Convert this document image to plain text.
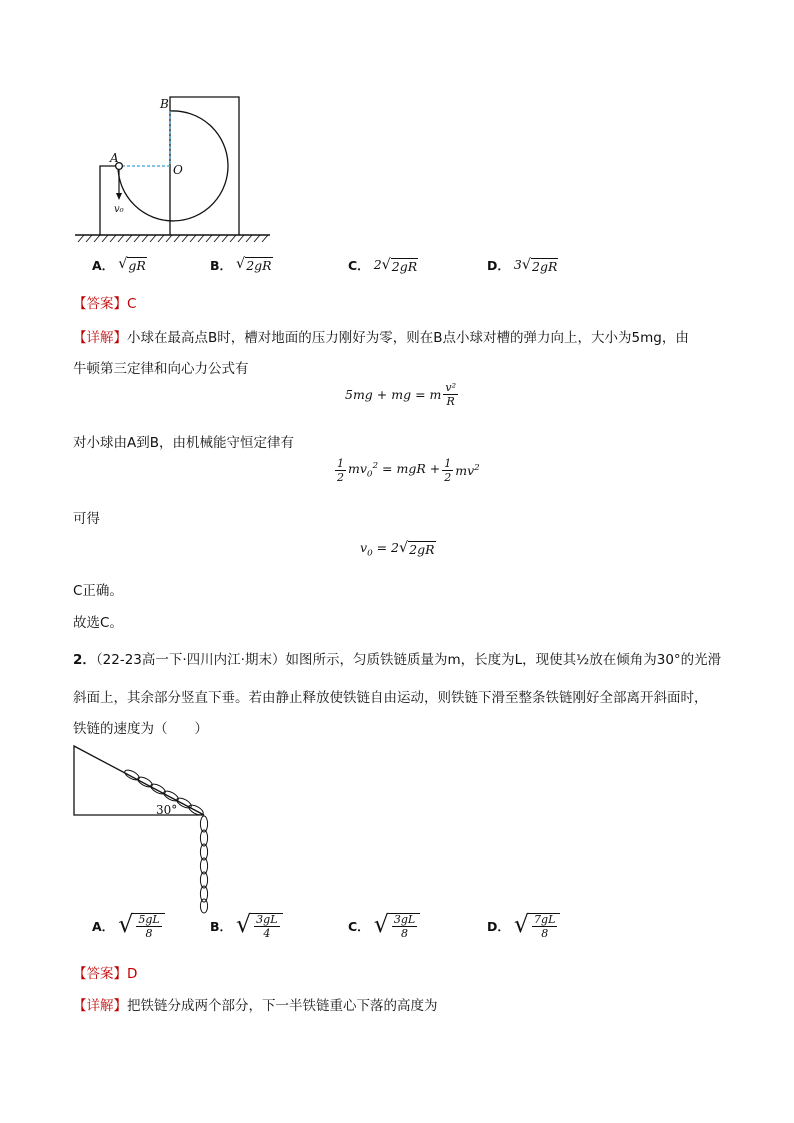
B
A
O
v₀
A． √ gR	B． √ 2gR	C． 2 √ 2gR	D． 3 √ 2gR
【答案】C
【详解】小球在最高点B时，槽对地面的压力刚好为零，则在B点小球对槽的弹力向上，大小为5mg，由
牛顿第三定律和向心力公式有
5mg + mg = m $\frac{\text{v²}}{R}$
对小球由A到B，由机械能守恒定律有
$\frac{1}{2} mv_0^2$ = mgR + $\frac{1}{2} mv^2$
可得
$v_0 = 2$ √ 2gR
C正确。
故选C。
2．（22-23高一下·四川内江·期末）如图所示，匀质铁链质量为m，长度为L，现使其½放在倾角为30°的光滑
斜面上，其余部分竖直下垂。若由静止释放使铁链自由运动，则铁链下滑至整条铁链刚好全部离开斜面时，
铁链的速度为（　　）
30°
A． √ $\frac{5gL}{8}$	B． √ $\frac{3gL}{4}$	C． √ $\frac{3gL}{8}$	D． √ $\frac{7gL}{8}$
【答案】D
【详解】把铁链分成两个部分，下一半铁链重心下落的高度为
